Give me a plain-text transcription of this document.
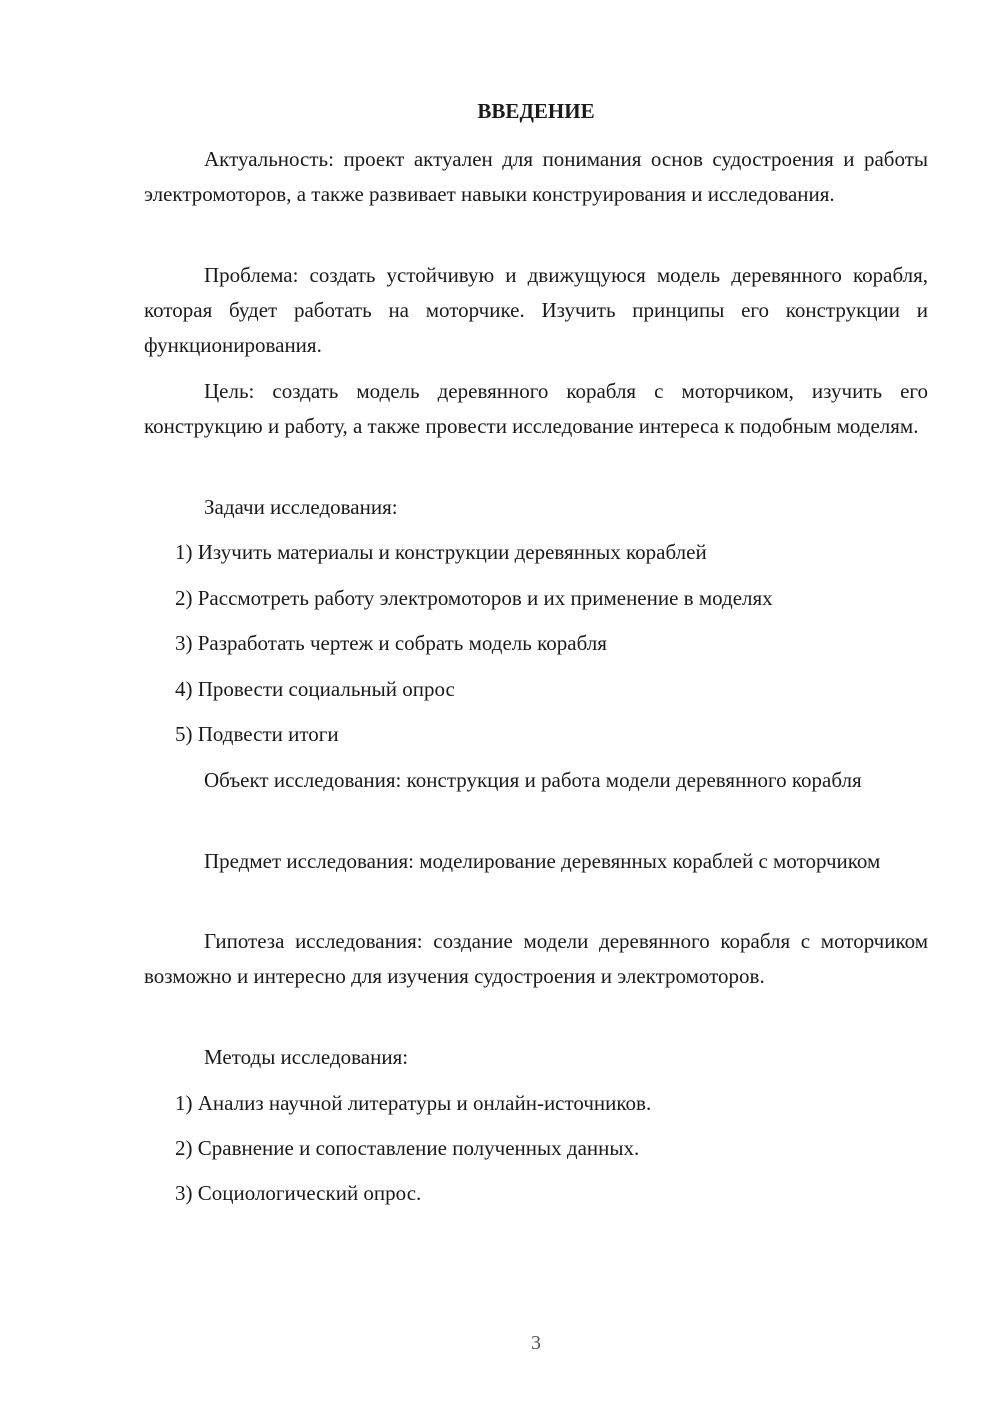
ВВЕДЕНИЕ
Актуальность: проект актуален для понимания основ судостроения и работы электромоторов, а также развивает навыки конструирования и исследования.
Проблема: создать устойчивую и движущуюся модель деревянного корабля, которая будет работать на моторчике. Изучить принципы его конструкции и функционирования.
Цель: создать модель деревянного корабля с моторчиком, изучить его конструкцию и работу, а также провести исследование интереса к подобным моделям.
Задачи исследования:
1) Изучить материалы и конструкции деревянных кораблей
2) Рассмотреть работу электромоторов и их применение в моделях
3) Разработать чертеж и собрать модель корабля
4) Провести социальный опрос
5) Подвести итоги
Объект исследования: конструкция и работа модели деревянного корабля
Предмет исследования: моделирование деревянных кораблей с моторчиком
Гипотеза исследования: создание модели деревянного корабля с моторчиком возможно и интересно для изучения судостроения и электромоторов.
Методы исследования:
1) Анализ научной литературы и онлайн-источников.
2) Сравнение и сопоставление полученных данных.
3) Социологический опрос.
3
